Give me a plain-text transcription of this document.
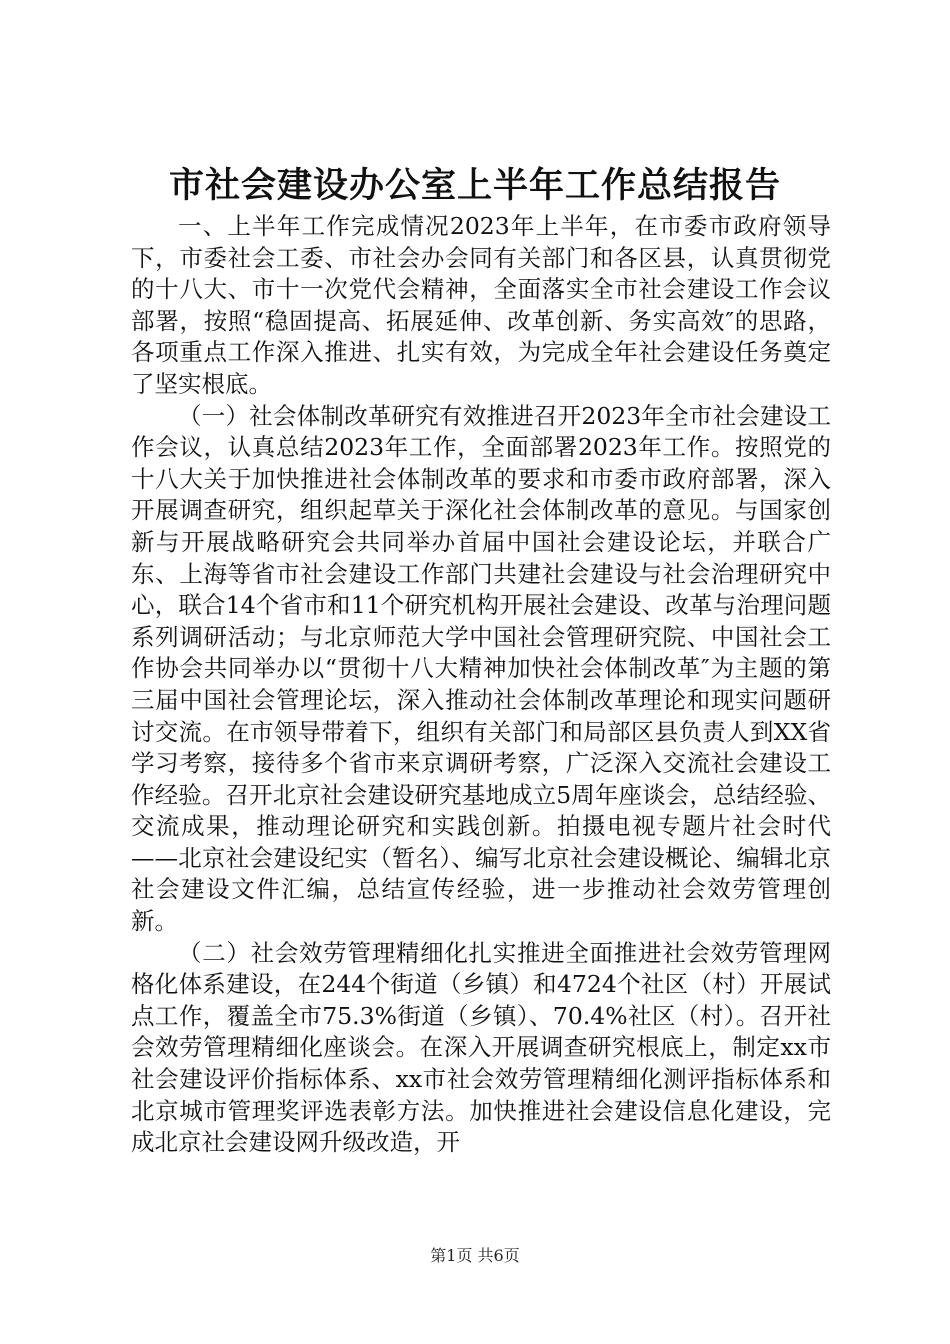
市社会建设办公室上半年工作总结报告

一、上半年工作完成情况2023年上半年，在市委市政府领导下，市委社会工委、市社会办会同有关部门和各区县，认真贯彻党的十八大、市十一次党代会精神，全面落实全市社会建设工作会议部署，按照“稳固提高、拓展延伸、改革创新、务实高效″的思路，各项重点工作深入推进、扎实有效，为完成全年社会建设任务奠定了坚实根底。

（一）社会体制改革研究有效推进召开2023年全市社会建设工作会议，认真总结2023年工作，全面部署2023年工作。按照党的十八大关于加快推进社会体制改革的要求和市委市政府部署，深入开展调查研究，组织起草关于深化社会体制改革的意见。与国家创新与开展战略研究会共同举办首届中国社会建设论坛，并联合广东、上海等省市社会建设工作部门共建社会建设与社会治理研究中心，联合14个省市和11个研究机构开展社会建设、改革与治理问题系列调研活动；与北京师范大学中国社会管理研究院、中国社会工作协会共同举办以“贯彻十八大精神加快社会体制改革″为主题的第三届中国社会管理论坛，深入推动社会体制改革理论和现实问题研讨交流。在市领导带着下，组织有关部门和局部区县负责人到XX省学习考察，接待多个省市来京调研考察，广泛深入交流社会建设工作经验。召开北京社会建设研究基地成立5周年座谈会，总结经验、交流成果，推动理论研究和实践创新。拍摄电视专题片社会时代——北京社会建设纪实（暂名）、编写北京社会建设概论、编辑北京社会建设文件汇编，总结宣传经验，进一步推动社会效劳管理创新。

（二）社会效劳管理精细化扎实推进全面推进社会效劳管理网格化体系建设，在244个街道（乡镇）和4724个社区（村）开展试点工作，覆盖全市75.3%街道（乡镇）、70.4%社区（村）。召开社会效劳管理精细化座谈会。在深入开展调查研究根底上，制定xx市社会建设评价指标体系、xx市社会效劳管理精细化测评指标体系和北京城市管理奖评选表彰方法。加快推进社会建设信息化建设，完成北京社会建设网升级改造，开

第1页 共6页
